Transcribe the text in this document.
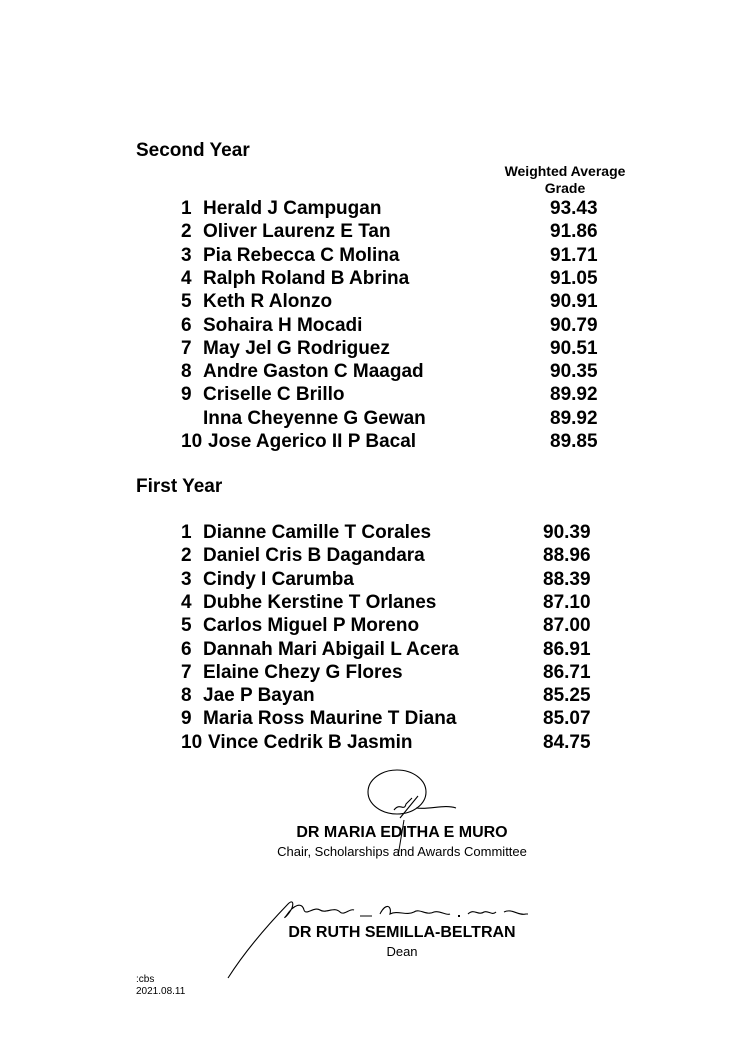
Second Year
Weighted Average
Grade
1 Herald J Campugan	93.43
2 Oliver Laurenz E Tan	91.86
3 Pia Rebecca C Molina	91.71
4 Ralph Roland B Abrina	91.05
5 Keth R Alonzo	90.91
6 Sohaira H Mocadi	90.79
7 May Jel G Rodriguez	90.51
8 Andre Gaston C Maagad	90.35
9 Criselle C Brillo	89.92
Inna Cheyenne G Gewan	89.92
10 Jose Agerico II P Bacal	89.85
First Year
1 Dianne Camille T Corales	90.39
2 Daniel Cris B Dagandara	88.96
3 Cindy I Carumba	88.39
4 Dubhe Kerstine T Orlanes	87.10
5 Carlos Miguel P Moreno	87.00
6 Dannah Mari Abigail L Acera	86.91
7 Elaine Chezy G Flores	86.71
8 Jae P Bayan	85.25
9 Maria Ross Maurine T Diana	85.07
10 Vince Cedrik B Jasmin	84.75
DR MARIA EDITHA E MURO
Chair, Scholarships and Awards Committee
DR RUTH SEMILLA-BELTRAN
Dean
:cbs
2021.08.11
